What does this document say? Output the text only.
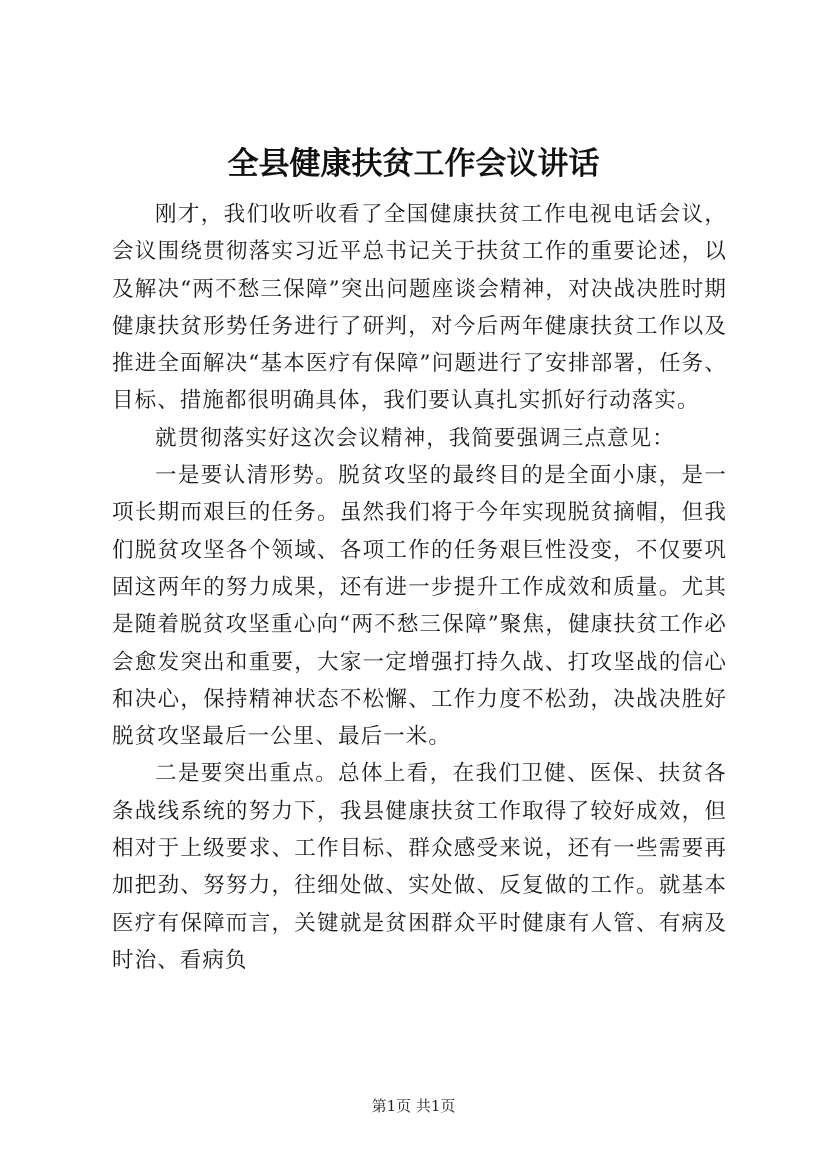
全县健康扶贫工作会议讲话

刚才，我们收听收看了全国健康扶贫工作电视电话会议，会议围绕贯彻落实习近平总书记关于扶贫工作的重要论述，以及解决“两不愁三保障”突出问题座谈会精神，对决战决胜时期健康扶贫形势任务进行了研判，对今后两年健康扶贫工作以及推进全面解决“基本医疗有保障”问题进行了安排部署，任务、目标、措施都很明确具体，我们要认真扎实抓好行动落实。

就贯彻落实好这次会议精神，我简要强调三点意见：

一是要认清形势。脱贫攻坚的最终目的是全面小康，是一项长期而艰巨的任务。虽然我们将于今年实现脱贫摘帽，但我们脱贫攻坚各个领域、各项工作的任务艰巨性没变，不仅要巩固这两年的努力成果，还有进一步提升工作成效和质量。尤其是随着脱贫攻坚重心向“两不愁三保障”聚焦，健康扶贫工作必会愈发突出和重要，大家一定增强打持久战、打攻坚战的信心和决心，保持精神状态不松懈、工作力度不松劲，决战决胜好脱贫攻坚最后一公里、最后一米。

二是要突出重点。总体上看，在我们卫健、医保、扶贫各条战线系统的努力下，我县健康扶贫工作取得了较好成效，但相对于上级要求、工作目标、群众感受来说，还有一些需要再加把劲、努努力，往细处做、实处做、反复做的工作。就基本医疗有保障而言，关键就是贫困群众平时健康有人管、有病及时治、看病负

第1页 共1页
